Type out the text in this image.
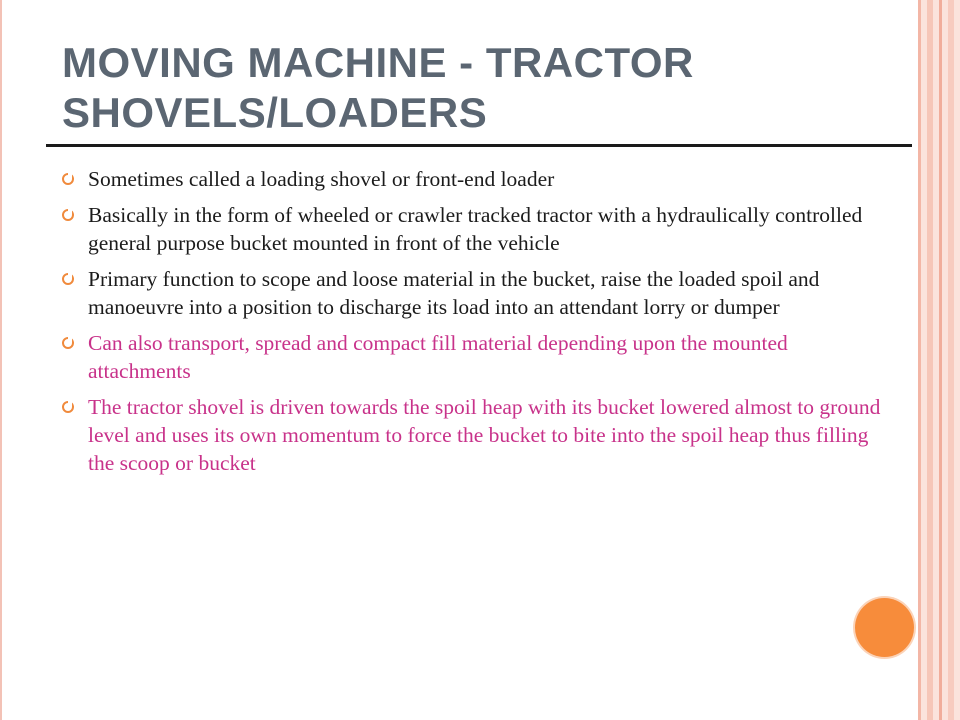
MOVING MACHINE - TRACTOR
SHOVELS/LOADERS
Sometimes called a loading shovel or front-end loader
Basically in the form of wheeled or crawler tracked tractor with a hydraulically controlled general purpose bucket mounted in front of the vehicle
Primary function to scope and loose material in the bucket, raise the loaded spoil and manoeuvre into a position to discharge its load into an attendant lorry or dumper
Can also transport, spread and compact fill material depending upon the mounted attachments
The tractor shovel is driven towards the spoil heap with its bucket lowered almost to ground level and uses its own momentum to force the bucket to bite into the spoil heap thus filling the scoop or bucket
